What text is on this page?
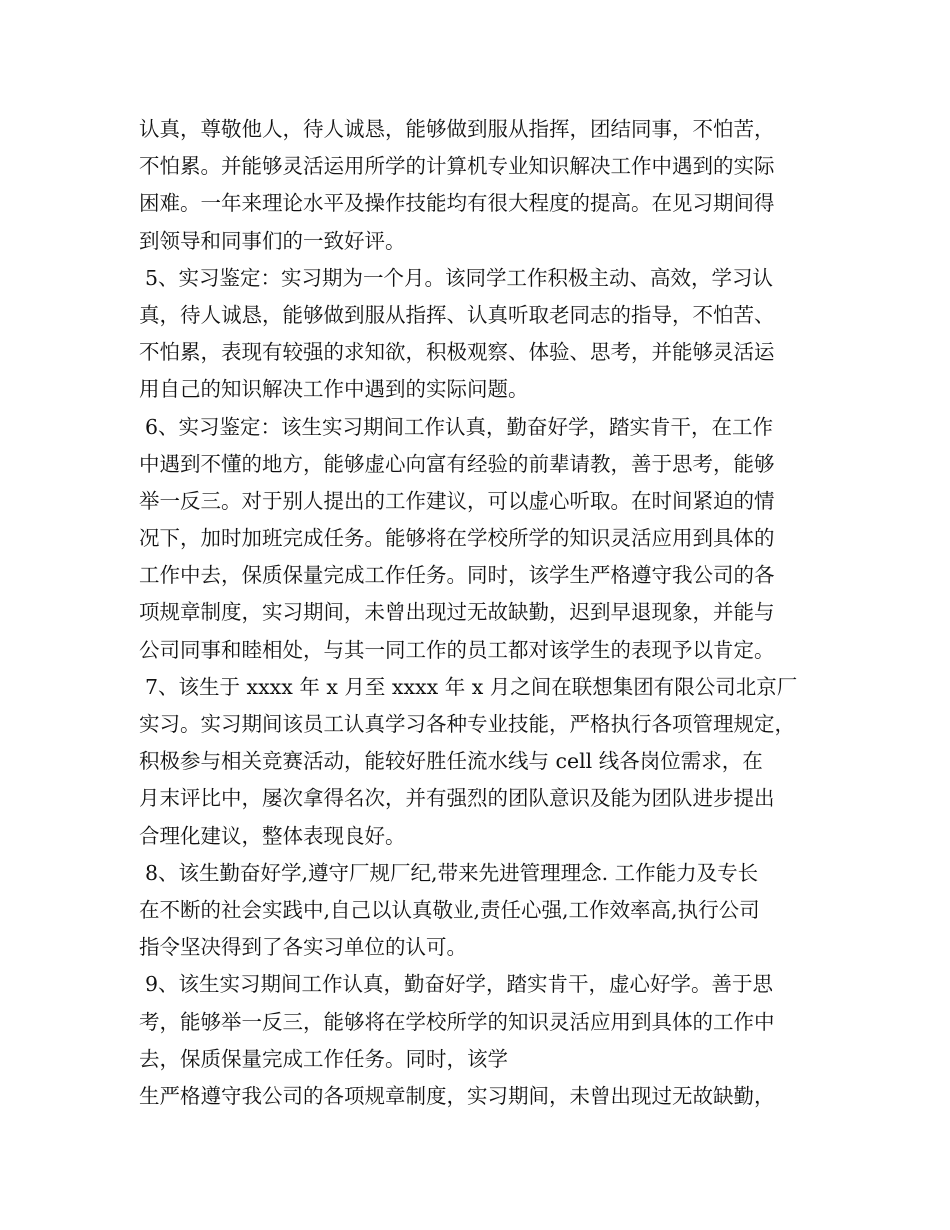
认真，尊敬他人，待人诚恳，能够做到服从指挥，团结同事，不怕苦，
不怕累。并能够灵活运用所学的计算机专业知识解决工作中遇到的实际
困难。一年来理论水平及操作技能均有很大程度的提高。在见习期间得
到领导和同事们的一致好评。
5、实习鉴定：实习期为一个月。该同学工作积极主动、高效，学习认
真，待人诚恳，能够做到服从指挥、认真听取老同志的指导，不怕苦、
不怕累，表现有较强的求知欲，积极观察、体验、思考，并能够灵活运
用自己的知识解决工作中遇到的实际问题。
6、实习鉴定：该生实习期间工作认真，勤奋好学，踏实肯干，在工作
中遇到不懂的地方，能够虚心向富有经验的前辈请教，善于思考，能够
举一反三。对于别人提出的工作建议，可以虚心听取。在时间紧迫的情
况下，加时加班完成任务。能够将在学校所学的知识灵活应用到具体的
工作中去，保质保量完成工作任务。同时，该学生严格遵守我公司的各
项规章制度，实习期间，未曾出现过无故缺勤，迟到早退现象，并能与
公司同事和睦相处，与其一同工作的员工都对该学生的表现予以肯定。
7、该生于 xxxx 年 x 月至 xxxx 年 x 月之间在联想集团有限公司北京厂
实习。实习期间该员工认真学习各种专业技能，严格执行各项管理规定，
积极参与相关竞赛活动，能较好胜任流水线与 cell 线各岗位需求，在
月末评比中，屡次拿得名次，并有强烈的团队意识及能为团队进步提出
合理化建议，整体表现良好。
8、该生勤奋好学,遵守厂规厂纪,带来先进管理理念. 工作能力及专长
在不断的社会实践中,自己以认真敬业,责任心强,工作效率高,执行公司
指令坚决得到了各实习单位的认可。
9、该生实习期间工作认真，勤奋好学，踏实肯干，虚心好学。善于思
考，能够举一反三，能够将在学校所学的知识灵活应用到具体的工作中
去，保质保量完成工作任务。同时，该学
生严格遵守我公司的各项规章制度，实习期间，未曾出现过无故缺勤，
